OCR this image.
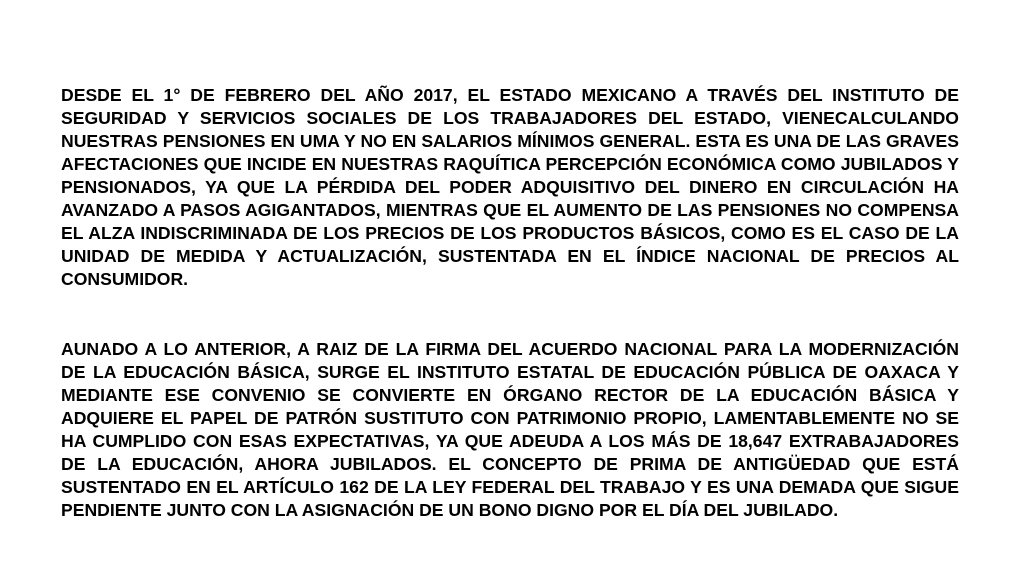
DESDE EL 1° DE FEBRERO DEL AÑO 2017, EL ESTADO MEXICANO A TRAVÉS DEL INSTITUTO DE SEGURIDAD Y SERVICIOS SOCIALES DE LOS TRABAJADORES DEL ESTADO, VIENECALCULANDO NUESTRAS PENSIONES EN UMA Y NO EN SALARIOS MÍNIMOS GENERAL. ESTA ES UNA DE LAS GRAVES AFECTACIONES QUE INCIDE EN NUESTRAS RAQUÍTICA PERCEPCIÓN ECONÓMICA COMO JUBILADOS Y PENSIONADOS, YA QUE LA PÉRDIDA DEL PODER ADQUISITIVO DEL DINERO EN CIRCULACIÓN HA AVANZADO A PASOS AGIGANTADOS, MIENTRAS QUE EL AUMENTO DE LAS PENSIONES NO COMPENSA EL ALZA INDISCRIMINADA DE LOS PRECIOS DE LOS PRODUCTOS BÁSICOS, COMO ES EL CASO DE LA UNIDAD DE MEDIDA Y ACTUALIZACIÓN, SUSTENTADA EN EL ÍNDICE NACIONAL DE PRECIOS AL CONSUMIDOR.

AUNADO A LO ANTERIOR, A RAIZ DE LA FIRMA DEL ACUERDO NACIONAL PARA LA MODERNIZACIÓN DE LA EDUCACIÓN BÁSICA, SURGE EL INSTITUTO ESTATAL DE EDUCACIÓN PÚBLICA DE OAXACA Y MEDIANTE ESE CONVENIO SE CONVIERTE EN ÓRGANO RECTOR DE LA EDUCACIÓN BÁSICA Y ADQUIERE EL PAPEL DE PATRÓN SUSTITUTO CON PATRIMONIO PROPIO, LAMENTABLEMENTE NO SE HA CUMPLIDO CON ESAS EXPECTATIVAS, YA QUE ADEUDA A LOS MÁS DE 18,647 EXTRABAJADORES DE LA EDUCACIÓN, AHORA JUBILADOS. EL CONCEPTO DE PRIMA DE ANTIGÜEDAD QUE ESTÁ SUSTENTADO EN EL ARTÍCULO 162 DE LA LEY FEDERAL DEL TRABAJO Y ES UNA DEMADA QUE SIGUE PENDIENTE JUNTO CON LA ASIGNACIÓN DE UN BONO DIGNO POR EL DÍA DEL JUBILADO.
